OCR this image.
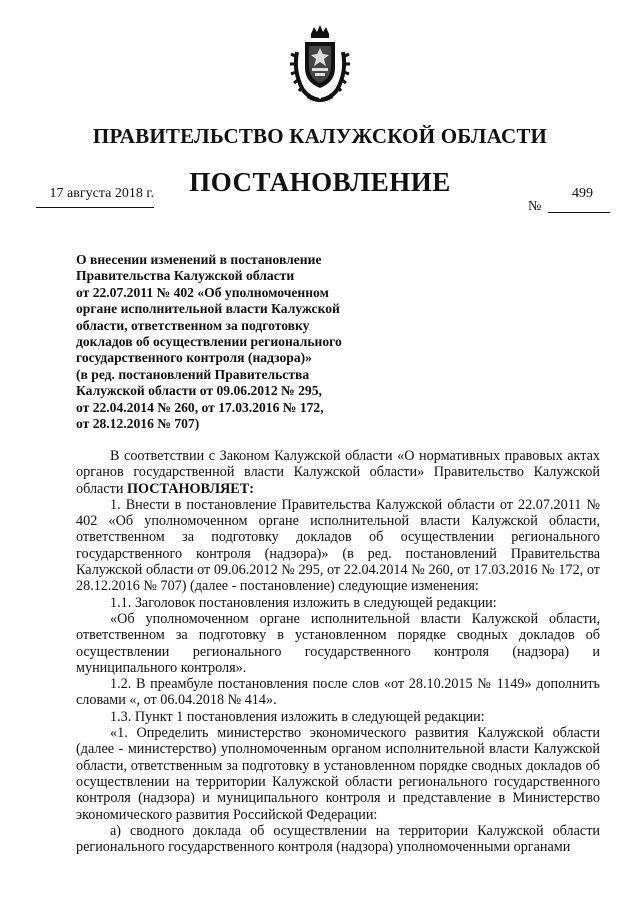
ПРАВИТЕЛЬСТВО КАЛУЖСКОЙ ОБЛАСТИ
ПОСТАНОВЛЕНИЕ
17 августа 2018 г.
№
499
О внесении изменений в постановление
Правительства Калужской области
от 22.07.2011 № 402 «Об уполномоченном
органе исполнительной власти Калужской
области, ответственном за подготовку
докладов об осуществлении регионального
государственного контроля (надзора)»
(в ред. постановлений Правительства
Калужской области от 09.06.2012 № 295,
от 22.04.2014 № 260, от 17.03.2016 № 172,
от 28.12.2016 № 707)

В соответствии с Законом Калужской области «О нормативных правовых актах органов государственной власти Калужской области» Правительство Калужской области ПОСТАНОВЛЯЕТ:

1. Внести в постановление Правительства Калужской области от 22.07.2011 № 402 «Об уполномоченном органе исполнительной власти Калужской области, ответственном за подготовку докладов об осуществлении регионального государственного контроля (надзора)» (в ред. постановлений Правительства Калужской области от 09.06.2012 № 295, от 22.04.2014 № 260, от 17.03.2016 № 172, от 28.12.2016 № 707) (далее - постановление) следующие изменения:

1.1. Заголовок постановления изложить в следующей редакции:

«Об уполномоченном органе исполнительной власти Калужской области, ответственном за подготовку в установленном порядке сводных докладов об осуществлении регионального государственного контроля (надзора) и муниципального контроля».

1.2. В преамбуле постановления после слов «от 28.10.2015 № 1149» дополнить словами «, от 06.04.2018 № 414».

1.3. Пункт 1 постановления изложить в следующей редакции:

«1. Определить министерство экономического развития Калужской области (далее - министерство) уполномоченным органом исполнительной власти Калужской области, ответственным за подготовку в установленном порядке сводных докладов об осуществлении на территории Калужской области регионального государственного контроля (надзора) и муниципального контроля и представление в Министерство экономического развития Российской Федерации:

а) сводного доклада об осуществлении на территории Калужской области регионального государственного контроля (надзора) уполномоченными органами
